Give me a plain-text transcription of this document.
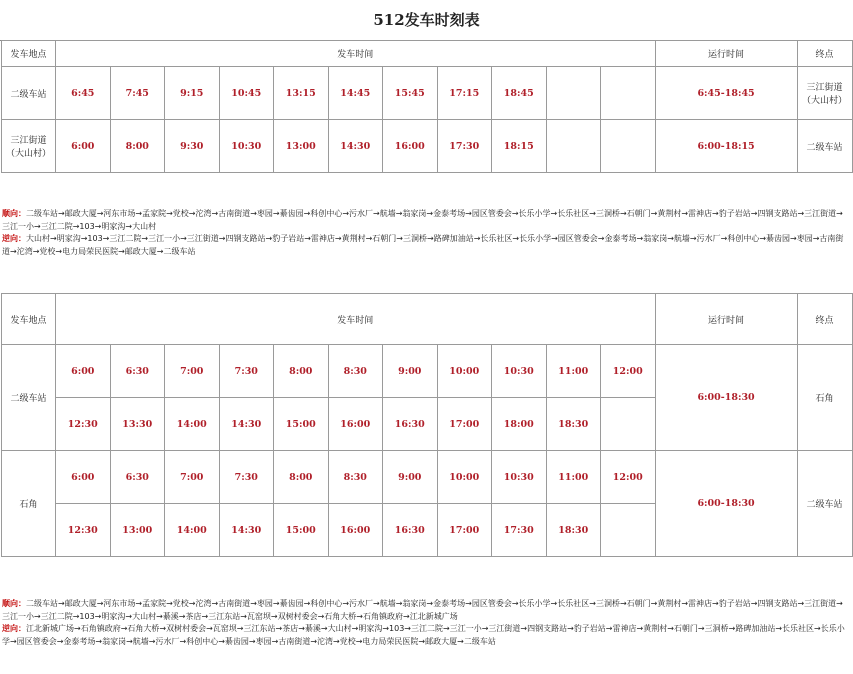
512发车时刻表
发车地点	发车时间											运行时间	终点
二级车站	6:45	7:45	9:15	10:45	13:15	14:45	15:45	17:15	18:45			6:45-18:45	三江街道
（大山村）
三江街道
（大山村）	6:00	8:00	9:30	10:30	13:00	14:30	16:00	17:30	18:15			6:00-18:15	二级车站
顺向：二级车站→邮政大厦→河东市场→孟家院→党校→沱湾→古南街道→枣园→綦齿园→科创中心→污水厂→航墙→翁家岗→金泰考场→园区管委会→长乐小学→长乐社区→三洞桥→石朝门→黄荆村→雷神店→豹子岩站→四钢支路站→三江街道→三江一小→三江二院→103→明家沟→大山村
逆向：大山村→明家沟→103→三江二院→三江一小→三江街道→四钢支路站→豹子岩站→雷神店→黄荆村→石朝门→三洞桥→路碑加油站→长乐社区→长乐小学→园区管委会→金泰考场→翁家岗→航墙→污水厂→科创中心→綦齿园→枣园→古南街道→沱湾→党校→电力局荣民医院→邮政大厦→二级车站
发车地点	发车时间											运行时间	终点
二级车站	6:00	6:30	7:00	7:30	8:00	8:30	9:00	10:00	10:30	11:00	12:00	6:00-18:30	石角
	12:30	13:30	14:00	14:30	15:00	16:00	16:30	17:00	18:00	18:30			
石角	6:00	6:30	7:00	7:30	8:00	8:30	9:00	10:00	10:30	11:00	12:00	6:00-18:30	二级车站
	12:30	13:00	14:00	14:30	15:00	16:00	16:30	17:00	17:30	18:30			
顺向：二级车站→邮政大厦→河东市场→孟家院→党校→沱湾→古南街道→枣园→綦齿园→科创中心→污水厂→航墙→翁家岗→金泰考场→园区管委会→长乐小学→长乐社区→三洞桥→石朝门→黄荆村→雷神店→豹子岩站→四钢支路站→三江街道→三江一小→三江二院→103→明家沟→大山村→綦溪→茶店→三江东站→瓦窑坝→双树村委会→石角大桥→石角镇政府→江北新城广场
逆向：江北新城广场→石角镇政府→石角大桥→双树村委会→瓦窑坝→三江东站→茶店→綦溪→大山村→明家沟→103→三江二院→三江一小→三江街道→四钢支路站→豹子岩站→雷神店→黄荆村→石朝门→三洞桥→路碑加油站→长乐社区→长乐小学→园区管委会→金泰考场→翁家岗→航墙→污水厂→科创中心→綦齿园→枣园→古南街道→沱湾→党校→电力局荣民医院→邮政大厦→二级车站
